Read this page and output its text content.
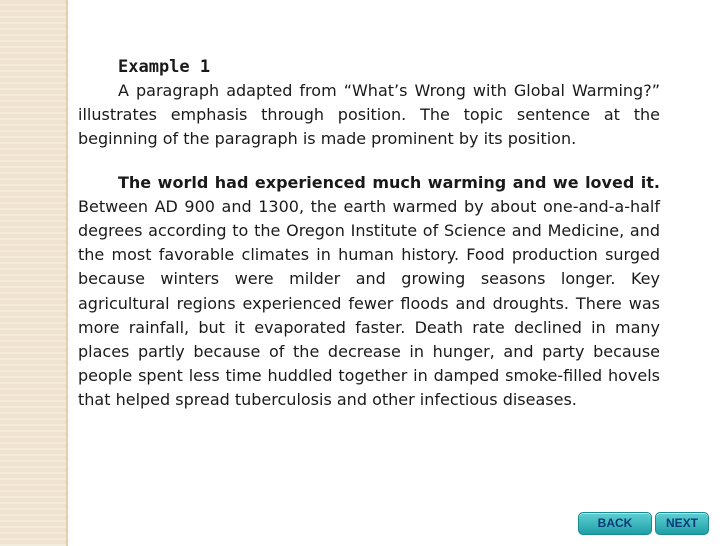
Example 1

A paragraph adapted from “What’s Wrong with Global Warming?” illustrates emphasis through position. The topic sentence at the beginning of the paragraph is made prominent by its position.

The world had experienced much warming and we loved it. Between AD 900 and 1300, the earth warmed by about one-and-a-half degrees according to the Oregon Institute of Science and Medicine, and the most favorable climates in human history. Food production surged because winters were milder and growing seasons longer. Key agricultural regions experienced fewer floods and droughts. There was more rainfall, but it evaporated faster. Death rate declined in many places partly because of the decrease in hunger, and party because people spent less time huddled together in damped smoke-filled hovels that helped spread tuberculosis and other infectious diseases.

BACK	NEXT
